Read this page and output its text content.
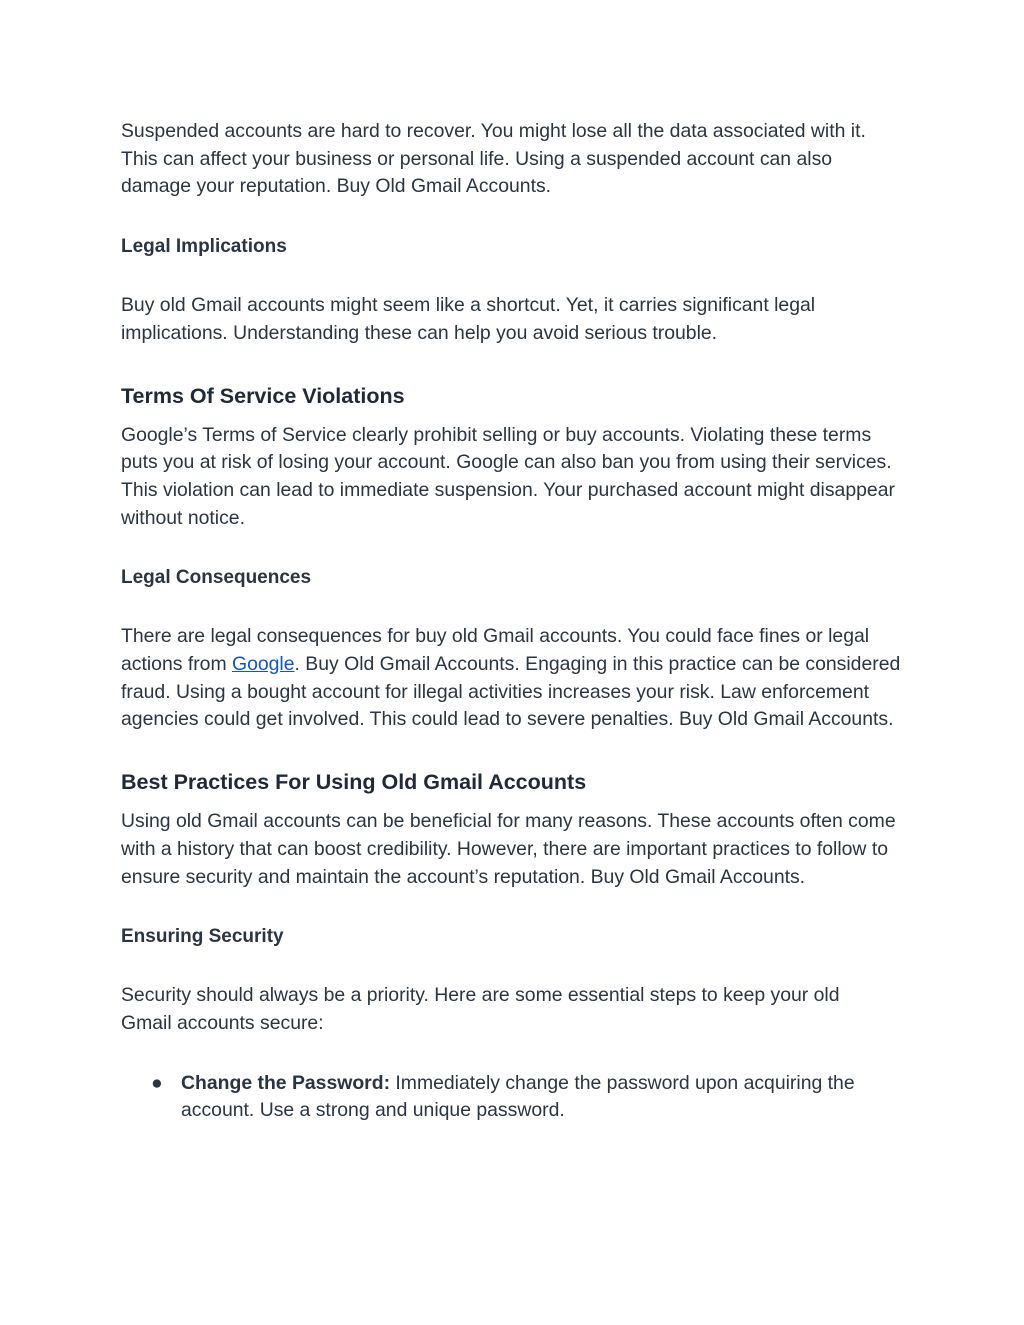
Suspended accounts are hard to recover. You might lose all the data associated with it. This can affect your business or personal life. Using a suspended account can also damage your reputation. Buy Old Gmail Accounts.

Legal Implications

Buy old Gmail accounts might seem like a shortcut. Yet, it carries significant legal implications. Understanding these can help you avoid serious trouble.

Terms Of Service Violations

Google’s Terms of Service clearly prohibit selling or buy accounts. Violating these terms puts you at risk of losing your account. Google can also ban you from using their services. This violation can lead to immediate suspension. Your purchased account might disappear without notice.

Legal Consequences

There are legal consequences for buy old Gmail accounts. You could face fines or legal actions from Google. Buy Old Gmail Accounts. Engaging in this practice can be considered fraud. Using a bought account for illegal activities increases your risk. Law enforcement agencies could get involved. This could lead to severe penalties. Buy Old Gmail Accounts.

Best Practices For Using Old Gmail Accounts

Using old Gmail accounts can be beneficial for many reasons. These accounts often come with a history that can boost credibility. However, there are important practices to follow to ensure security and maintain the account’s reputation. Buy Old Gmail Accounts.

Ensuring Security

Security should always be a priority. Here are some essential steps to keep your old Gmail accounts secure:

● Change the Password: Immediately change the password upon acquiring the account. Use a strong and unique password.
